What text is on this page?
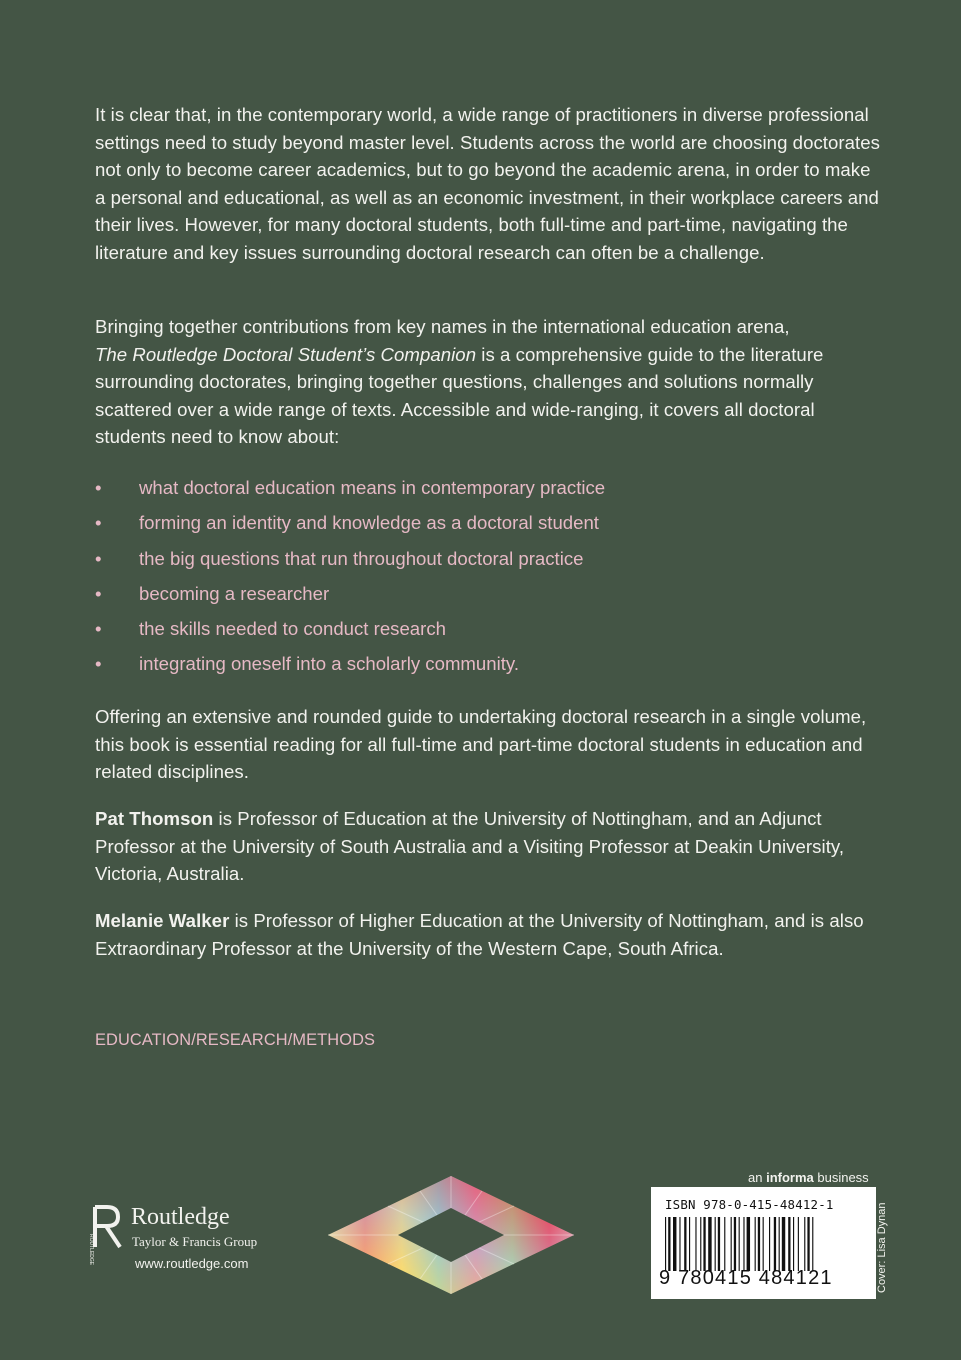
It is clear that, in the contemporary world, a wide range of practitioners in diverse professional settings need to study beyond master level. Students across the world are choosing doctorates not only to become career academics, but to go beyond the academic arena, in order to make a personal and educational, as well as an economic investment, in their workplace careers and their lives. However, for many doctoral students, both full-time and part-time, navigating the literature and key issues surrounding doctoral research can often be a challenge.

Bringing together contributions from key names in the international education arena,
The Routledge Doctoral Student’s Companion is a comprehensive guide to the literature surrounding doctorates, bringing together questions, challenges and solutions normally scattered over a wide range of texts. Accessible and wide-ranging, it covers all doctoral students need to know about:

• what doctoral education means in contemporary practice
• forming an identity and knowledge as a doctoral student
• the big questions that run throughout doctoral practice
• becoming a researcher
• the skills needed to conduct research
• integrating oneself into a scholarly community.

Offering an extensive and rounded guide to undertaking doctoral research in a single volume, this book is essential reading for all full-time and part-time doctoral students in education and related disciplines.

Pat Thomson is Professor of Education at the University of Nottingham, and an Adjunct Professor at the University of South Australia and a Visiting Professor at Deakin University, Victoria, Australia.

Melanie Walker is Professor of Higher Education at the University of Nottingham, and is also Extraordinary Professor at the University of the Western Cape, South Africa.

EDUCATION/RESEARCH/METHODS
ROUTLEDGE
Routledge
Taylor & Francis Group
www.routledge.com
an informa business
ISBN 978-0-415-48412-1
9 780415 484121	Cover: Lisa Dynan
